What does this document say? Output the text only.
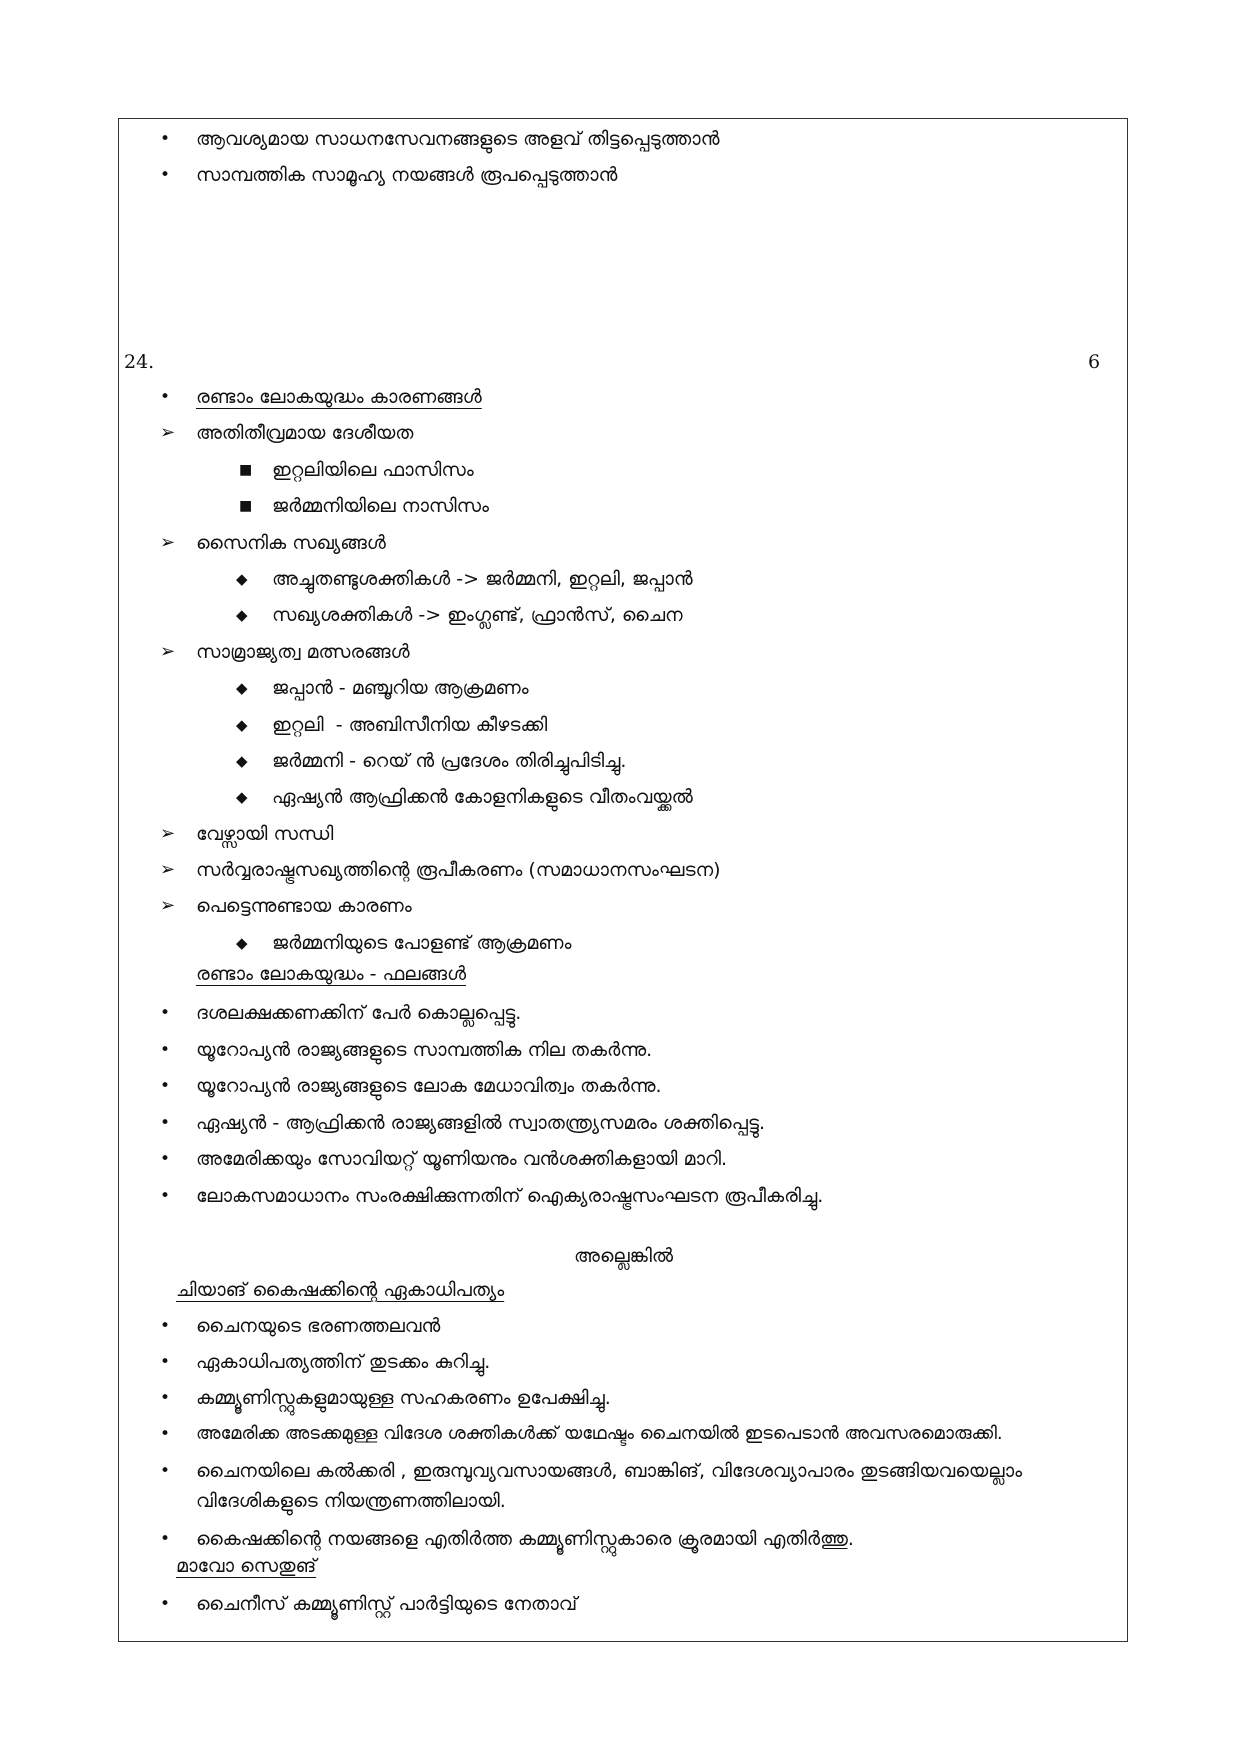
• ആവശ്യമായ സാധനസേവനങ്ങളുടെ അളവ് തിട്ടപ്പെടുത്താൻ
• സാമ്പത്തിക സാമൂഹ്യ നയങ്ങൾ രൂപപ്പെടുത്താൻ
24.	6
• രണ്ടാം ലോകയുദ്ധം കാരണങ്ങൾ
➢ അതിതീവ്രമായ ദേശീയത
■ ഇറ്റലിയിലെ ഫാസിസം
■ ജർമ്മനിയിലെ നാസിസം
➢ സൈനിക സഖ്യങ്ങൾ
◆ അച്ചുതണ്ടുശക്തികൾ -> ജർമ്മനി, ഇറ്റലി, ജപ്പാൻ
◆ സഖ്യശക്തികൾ -> ഇംഗ്ലണ്ട്, ഫ്രാൻസ്, ചൈന
➢ സാമ്രാജ്യത്വ മത്സരങ്ങൾ
◆ ജപ്പാൻ - മഞ്ചൂറിയ ആക്രമണം
◆ ഇറ്റലി  - അബിസീനിയ കീഴടക്കി
◆ ജർമ്മനി - റെയ് ൻ പ്രദേശം തിരിച്ചുപിടിച്ചു.
◆ ഏഷ്യൻ ആഫ്രിക്കൻ കോളനികളുടെ വീതംവയ്ക്കൽ
➢ വേഴ്സായി സന്ധി
➢ സർവ്വരാഷ്ട്രസഖ്യത്തിന്റെ രൂപീകരണം (സമാധാനസംഘടന)
➢ പെട്ടെന്നുണ്ടായ കാരണം
◆ ജർമ്മനിയുടെ പോളണ്ട് ആക്രമണം
രണ്ടാം ലോകയുദ്ധം - ഫലങ്ങൾ
• ദശലക്ഷക്കണക്കിന് പേർ കൊല്ലപ്പെട്ടു.
• യൂറോപ്യൻ രാജ്യങ്ങളുടെ സാമ്പത്തിക നില തകർന്നു.
• യൂറോപ്യൻ രാജ്യങ്ങളുടെ ലോക മേധാവിത്വം തകർന്നു.
• ഏഷ്യൻ - ആഫ്രിക്കൻ രാജ്യങ്ങളിൽ സ്വാതന്ത്ര്യസമരം ശക്തിപ്പെട്ടു.
• അമേരിക്കയും സോവിയറ്റ് യൂണിയനും വൻശക്തികളായി മാറി.
• ലോകസമാധാനം സംരക്ഷിക്കുന്നതിന് ഐക്യരാഷ്ട്രസംഘടന രൂപീകരിച്ചു.
അല്ലെങ്കിൽ
ചിയാങ് കൈഷക്കിന്റെ ഏകാധിപത്യം
• ചൈനയുടെ ഭരണത്തലവൻ
• ഏകാധിപത്യത്തിന് തുടക്കം കുറിച്ചു.
• കമ്മ്യൂണിസ്റ്റുകളുമായുള്ള സഹകരണം ഉപേക്ഷിച്ചു.
• അമേരിക്ക അടക്കമുള്ള വിദേശ ശക്തികൾക്ക് യഥേഷ്ടം ചൈനയിൽ ഇടപെടാൻ അവസരമൊരുക്കി.
• ചൈനയിലെ കൽക്കരി , ഇരുമ്പുവ്യവസായങ്ങൾ, ബാങ്കിങ്, വിദേശവ്യാപാരം തുടങ്ങിയവയെല്ലാം വിദേശികളുടെ നിയന്ത്രണത്തിലായി.
• കൈഷക്കിന്റെ നയങ്ങളെ എതിർത്ത കമ്മ്യൂണിസ്റ്റുകാരെ ക്രൂരമായി എതിർത്തു.
മാവോ സെതുങ്
• ചൈനീസ് കമ്മ്യൂണിസ്റ്റ് പാർട്ടിയുടെ നേതാവ്
